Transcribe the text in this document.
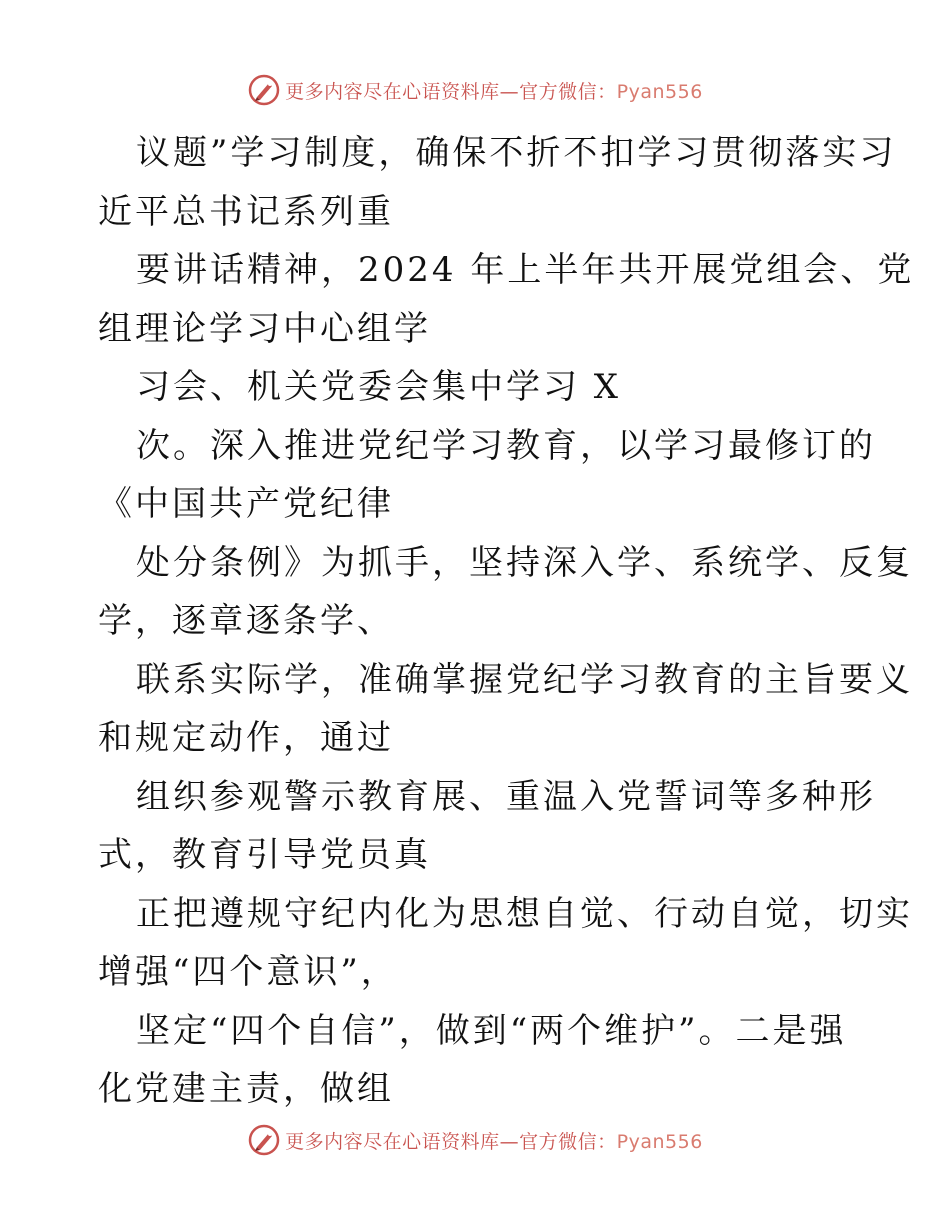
更多内容尽在心语资料库—官方微信：Pyan556
议题”学习制度，确保不折不扣学习贯彻落实习
近平总书记系列重
要讲话精神，2024 年上半年共开展党组会、党
组理论学习中心组学
习会、机关党委会集中学习 X
次。深入推进党纪学习教育，以学习最修订的
《中国共产党纪律
处分条例》为抓手，坚持深入学、系统学、反复
学，逐章逐条学、
联系实际学，准确掌握党纪学习教育的主旨要义
和规定动作，通过
组织参观警示教育展、重温入党誓词等多种形
式，教育引导党员真
正把遵规守纪内化为思想自觉、行动自觉，切实
增强“四个意识”，
坚定“四个自信”，做到“两个维护”。二是强
化党建主责，做组
更多内容尽在心语资料库—官方微信：Pyan556
